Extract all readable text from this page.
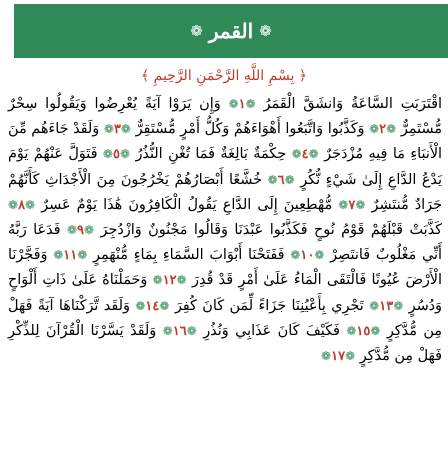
❁
القمر
❁
﴿ بِسْمِ اللَّهِ الرَّحْمَنِ الرَّحِيمِ ﴾
اقْتَرَبَتِ السَّاعَةُ وَانشَقَّ الْقَمَرُ ❁١❁ وَإِن يَرَوْا آيَةً يُعْرِضُوا وَيَقُولُوا سِحْرٌ مُّسْتَمِرٌّ ❁٢❁ وَكَذَّبُوا وَاتَّبَعُوا أَهْوَاءَهُمْ وَكُلُّ أَمْرٍ مُّسْتَقِرٌّ ❁٣❁ وَلَقَدْ جَاءَهُم مِّنَ الْأَنبَاءِ مَا فِيهِ مُزْدَجَرٌ ❁٤❁ حِكْمَةٌ بَالِغَةٌ فَمَا تُغْنِ النُّذُرُ ❁٥❁ فَتَوَلَّ عَنْهُمْ يَوْمَ يَدْعُ الدَّاعِ إِلَىٰ شَيْءٍ نُّكُرٍ ❁٦❁ خُشَّعًا أَبْصَارُهُمْ يَخْرُجُونَ مِنَ الْأَجْدَاثِ كَأَنَّهُمْ جَرَادٌ مُّنتَشِرٌ ❁٧❁ مُّهْطِعِينَ إِلَى الدَّاعِ يَقُولُ الْكَافِرُونَ هَٰذَا يَوْمٌ عَسِرٌ ❁٨❁ كَذَّبَتْ قَبْلَهُمْ قَوْمُ نُوحٍ فَكَذَّبُوا عَبْدَنَا وَقَالُوا مَجْنُونٌ وَازْدُجِرَ ❁٩❁ فَدَعَا رَبَّهُ أَنِّي مَغْلُوبٌ فَانتَصِرْ ❁١٠❁ فَفَتَحْنَا أَبْوَابَ السَّمَاءِ بِمَاءٍ مُّنْهَمِرٍ ❁١١❁ وَفَجَّرْنَا الْأَرْضَ عُيُونًا فَالْتَقَى الْمَاءُ عَلَىٰ أَمْرٍ قَدْ قُدِرَ ❁١٢❁ وَحَمَلْنَاهُ عَلَىٰ ذَاتِ أَلْوَاحٍ وَدُسُرٍ ❁١٣❁ تَجْرِي بِأَعْيُنِنَا جَزَاءً لِّمَن كَانَ كُفِرَ ❁١٤❁ وَلَقَد تَّرَكْنَاهَا آيَةً فَهَلْ مِن مُّدَّكِرٍ ❁١٥❁ فَكَيْفَ كَانَ عَذَابِي وَنُذُرِ ❁١٦❁ وَلَقَدْ يَسَّرْنَا الْقُرْآنَ لِلذِّكْرِ فَهَلْ مِن مُّدَّكِرٍ ❁١٧❁
